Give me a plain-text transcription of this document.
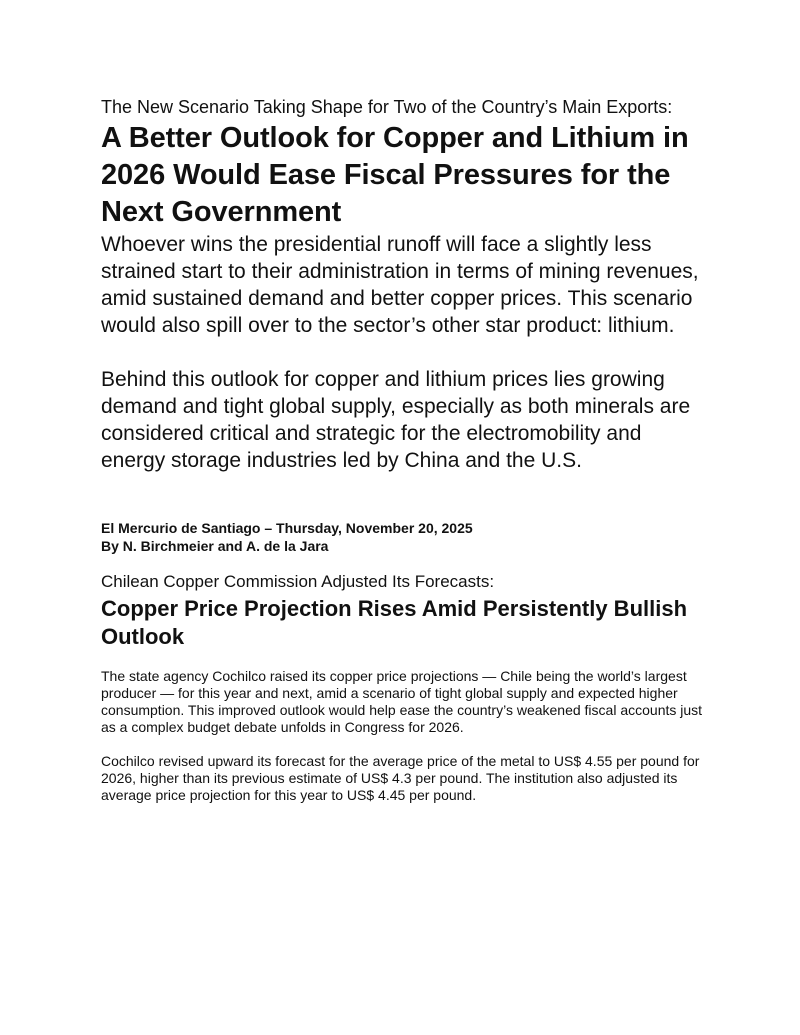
The New Scenario Taking Shape for Two of the Country’s Main Exports:

A Better Outlook for Copper and Lithium in 2026 Would Ease Fiscal Pressures for the Next Government

Whoever wins the presidential runoff will face a slightly less strained start to their administration in terms of mining revenues, amid sustained demand and better copper prices. This scenario would also spill over to the sector’s other star product: lithium.

Behind this outlook for copper and lithium prices lies growing demand and tight global supply, especially as both minerals are considered critical and strategic for the electromobility and energy storage industries led by China and the U.S.

El Mercurio de Santiago – Thursday, November 20, 2025
By N. Birchmeier and A. de la Jara

Chilean Copper Commission Adjusted Its Forecasts:

Copper Price Projection Rises Amid Persistently Bullish Outlook

The state agency Cochilco raised its copper price projections — Chile being the world’s largest producer — for this year and next, amid a scenario of tight global supply and expected higher consumption. This improved outlook would help ease the country’s weakened fiscal accounts just as a complex budget debate unfolds in Congress for 2026.

Cochilco revised upward its forecast for the average price of the metal to US$ 4.55 per pound for 2026, higher than its previous estimate of US$ 4.3 per pound. The institution also adjusted its average price projection for this year to US$ 4.45 per pound.
